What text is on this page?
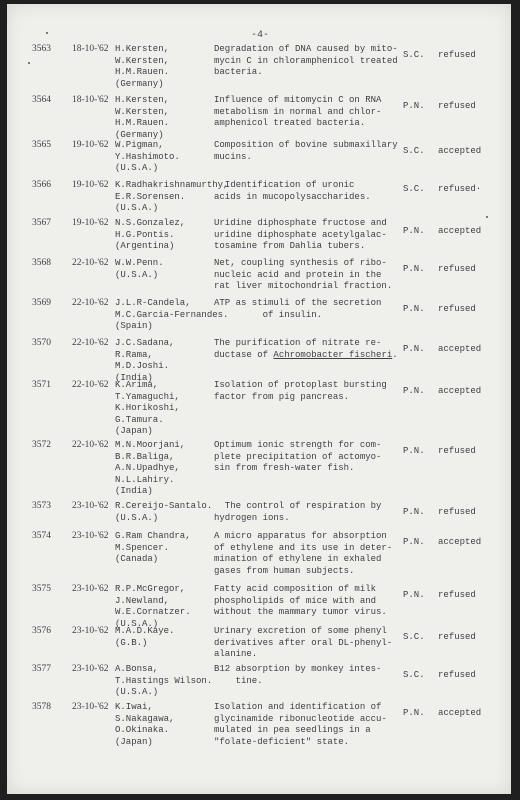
-4-
3563 18-10-'62 H.Kersten,
W.Kersten,
H.M.Rauen.
(Germany)
Degradation of DNA caused by mito-
mycin C in chloramphenicol treated
bacteria.
S.C. refused
3564 18-10-'62 H.Kersten,
W.Kersten,
H.M.Rauen.
(Germany)
Influence of mitomycin C on RNA
metabolism in normal and chlor-
amphenicol treated bacteria.
P.N. refused
3565 19-10-'62 W.Pigman,
Y.Hashimoto.
(U.S.A.)
Composition of bovine submaxillary
mucins.
S.C. accepted
3566 19-10-'62 K.Radhakrishnamurthy,
E.R.Sorensen.
(U.S.A.)
Identification of uronic
acids in mucopolysaccharides.
S.C. refused·
3567 19-10-'62 N.S.Gonzalez,
H.G.Pontis.
(Argentina)
Uridine diphosphate fructose and
uridine diphosphate acetylgalac-
tosamine from Dahlia tubers.
P.N. accepted
3568 22-10-'62 W.W.Penn.
(U.S.A.)
Net, coupling synthesis of ribo-
nucleic acid and protein in the
rat liver mitochondrial fraction.
P.N. refused
3569 22-10-'62 J.L.R-Candela,
M.C.Garcia-Fernandes.
(Spain)
ATP as stimuli of the secretion
of insulin.
P.N. refused
3570 22-10-'62 J.C.Sadana,
R.Rama,
M.D.Joshi.
(India)
The purification of nitrate re-
ductase of Achromobacter fischeri.
P.N. accepted
3571 22-10-'62 K.Arima,
T.Yamaguchi,
K.Horikoshi,
G.Tamura.
(Japan)
Isolation of protoplast bursting
factor from pig pancreas.
P.N. accepted
3572 22-10-'62 M.N.Moorjani,
B.R.Baliga,
A.N.Upadhye,
N.L.Lahiry.
(India)
Optimum ionic strength for com-
plete precipitation of actomyo-
sin from fresh-water fish.
P.N. refused
3573 23-10-'62 R.Cereijo-Santalo.
(U.S.A.)
The control of respiration by
hydrogen ions.
P.N. refused
3574 23-10-'62 G.Ram Chandra,
M.Spencer.
(Canada)
A micro apparatus for absorption
of ethylene and its use in deter-
mination of ethylene in exhaled
gases from human subjects.
P.N. accepted
3575 23-10-'62 R.P.McGregor,
J.Newland,
W.E.Cornatzer.
(U.S.A.)
Fatty acid composition of milk
phospholipids of mice with and
without the mammary tumor virus.
P.N. refused
3576 23-10-'62 M.A.D.Kaye.
(G.B.)
Urinary excretion of some phenyl
derivatives after oral DL-phenyl-
alanine.
S.C. refused
3577 23-10-'62 A.Bonsa,
T.Hastings Wilson.
(U.S.A.)
B12 absorption by monkey intes-
tine.
S.C. refused
3578 23-10-'62 K.Iwai,
S.Nakagawa,
O.Okinaka.
(Japan)
Isolation and identification of
glycinamide ribonucleotide accu-
mulated in pea seedlings in a
"folate-deficient" state.
P.N. accepted
